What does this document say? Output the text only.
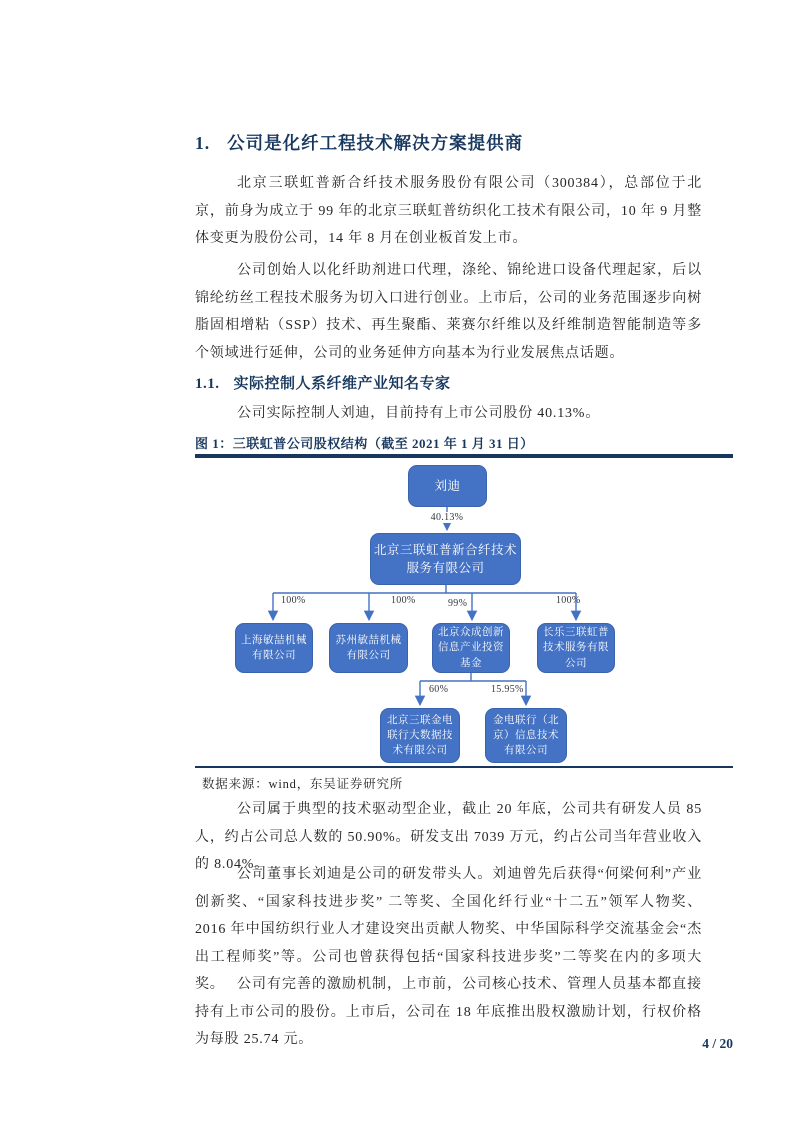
1. 公司是化纤工程技术解决方案提供商

北京三联虹普新合纤技术服务股份有限公司（300384），总部位于北京，前身为成立于 99 年的北京三联虹普纺织化工技术有限公司，10 年 9 月整体变更为股份公司，14 年 8 月在创业板首发上市。

公司创始人以化纤助剂进口代理，涤纶、锦纶进口设备代理起家，后以锦纶纺丝工程技术服务为切入口进行创业。上市后，公司的业务范围逐步向树脂固相增粘（SSP）技术、再生聚酯、莱赛尔纤维以及纤维制造智能制造等多个领域进行延伸，公司的业务延伸方向基本为行业发展焦点话题。

1.1. 实际控制人系纤维产业知名专家

公司实际控制人刘迪，目前持有上市公司股份 40.13%。

图 1：三联虹普公司股权结构（截至 2021 年 1 月 31 日）
刘迪
40.13%
北京三联虹普新合纤技术服务有限公司
100%	100%	99%	100%
上海敏喆机械有限公司
苏州敏喆机械有限公司
北京众成创新信息产业投资基金
长乐三联虹普技术服务有限公司
60%	15.95%
北京三联金电联行大数据技术有限公司
金电联行（北京）信息技术有限公司
数据来源：wind，东吴证券研究所

公司属于典型的技术驱动型企业，截止 20 年底，公司共有研发人员 85 人，约占公司总人数的 50.90%。研发支出 7039 万元，约占公司当年营业收入的 8.04%。

公司董事长刘迪是公司的研发带头人。刘迪曾先后获得“何梁何利”产业创新奖、“国家科技进步奖” 二等奖、全国化纤行业“十二五”领军人物奖、2016 年中国纺织行业人才建设突出贡献人物奖、中华国际科学交流基金会“杰出工程师奖”等。公司也曾获得包括“国家科技进步奖”二等奖在内的多项大奖。 公司有完善的激励机制，上市前，公司核心技术、管理人员基本都直接持有上市公司的股份。上市后，公司在 18 年底推出股权激励计划，行权价格为每股 25.74 元。	4 / 20
